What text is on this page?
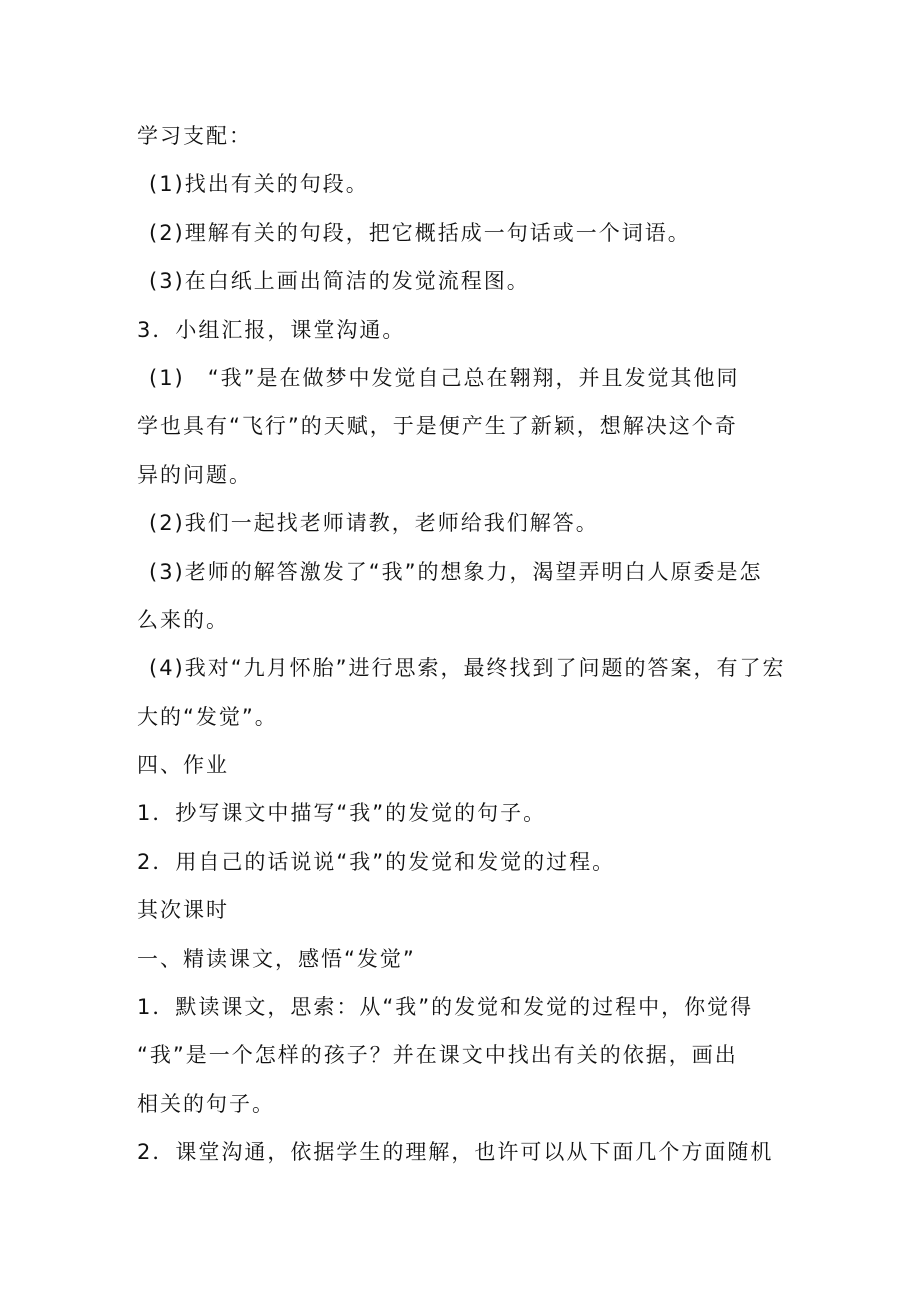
学习支配：
(1)找出有关的句段。
(2)理解有关的句段，把它概括成一句话或一个词语。
(3)在白纸上画出简洁的发觉流程图。
3．小组汇报，课堂沟通。
(1)　“我”是在做梦中发觉自己总在翱翔，并且发觉其他同
学也具有“飞行”的天赋，于是便产生了新颖，想解决这个奇
异的问题。
(2)我们一起找老师请教，老师给我们解答。
(3)老师的解答激发了“我”的想象力，渴望弄明白人原委是怎
么来的。
(4)我对“九月怀胎”进行思索，最终找到了问题的答案，有了宏
大的“发觉”。
四、作业
1．抄写课文中描写“我”的发觉的句子。
2．用自己的话说说“我”的发觉和发觉的过程。
其次课时
一、精读课文，感悟“发觉”
1．默读课文，思索：从“我”的发觉和发觉的过程中，你觉得
“我”是一个怎样的孩子？并在课文中找出有关的依据，画出
相关的句子。
2．课堂沟通，依据学生的理解，也许可以从下面几个方面随机
